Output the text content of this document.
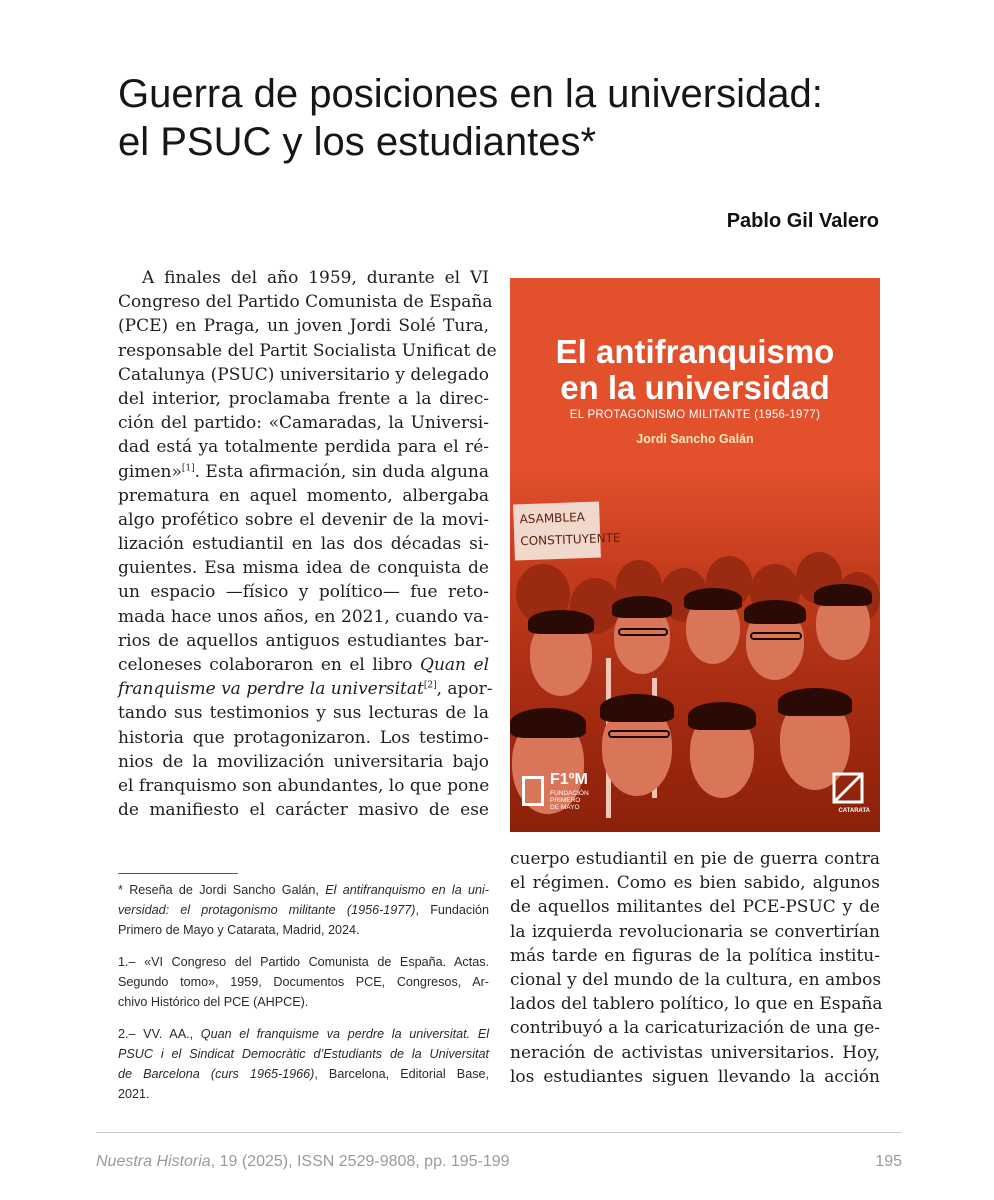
Guerra de posiciones en la universidad:
el PSUC y los estudiantes*
Pablo Gil Valero
A finales del año 1959, durante el VI
Congreso del Partido Comunista de España
(PCE) en Praga, un joven Jordi Solé Tura,
responsable del Partit Socialista Unificat de
Catalunya (PSUC) universitario y delegado
del interior, proclamaba frente a la direc-
ción del partido: «Camaradas, la Universi-
dad está ya totalmente perdida para el ré-
gimen»[1]. Esta afirmación, sin duda alguna
prematura en aquel momento, albergaba
algo profético sobre el devenir de la movi-
lización estudiantil en las dos décadas si-
guientes. Esa misma idea de conquista de
un espacio —físico y político— fue reto-
mada hace unos años, en 2021, cuando va-
rios de aquellos antiguos estudiantes bar-
celoneses colaboraron en el libro Quan el
franquisme va perdre la universitat[2], apor-
tando sus testimonios y sus lecturas de la
historia que protagonizaron. Los testimo-
nios de la movilización universitaria bajo
el franquismo son abundantes, lo que pone
de manifiesto el carácter masivo de ese
El antifranquismo
en la universidad
EL PROTAGONISMO MILITANTE (1956-1977)
Jordi Sancho Galán
ASAMBLEA
CONSTITUYENTE
F1ºM
FUNDACIÓN
PRIMERO
DE MAYO	CATARATA
cuerpo estudiantil en pie de guerra contra
el régimen. Como es bien sabido, algunos
de aquellos militantes del PCE-PSUC y de
la izquierda revolucionaria se convertirían
más tarde en figuras de la política institu-
cional y del mundo de la cultura, en ambos
lados del tablero político, lo que en España
contribuyó a la caricaturización de una ge-
neración de activistas universitarios. Hoy,
los estudiantes siguen llevando la acción
* Reseña de Jordi Sancho Galán, El antifranquismo en la uni-
versidad: el protagonismo militante (1956-1977), Fundación
Primero de Mayo y Catarata, Madrid, 2024.
1.– «VI Congreso del Partido Comunista de España. Actas.
Segundo tomo», 1959, Documentos PCE, Congresos, Ar-
chivo Histórico del PCE (AHPCE).
2.– VV. AA., Quan el franquisme va perdre la universitat. El
PSUC i el Sindicat Democràtic d’Estudiants de la Universitat
de Barcelona (curs 1965-1966), Barcelona, Editorial Base,
2021.
Nuestra Historia, 19 (2025), ISSN 2529-9808, pp. 195-199	195
